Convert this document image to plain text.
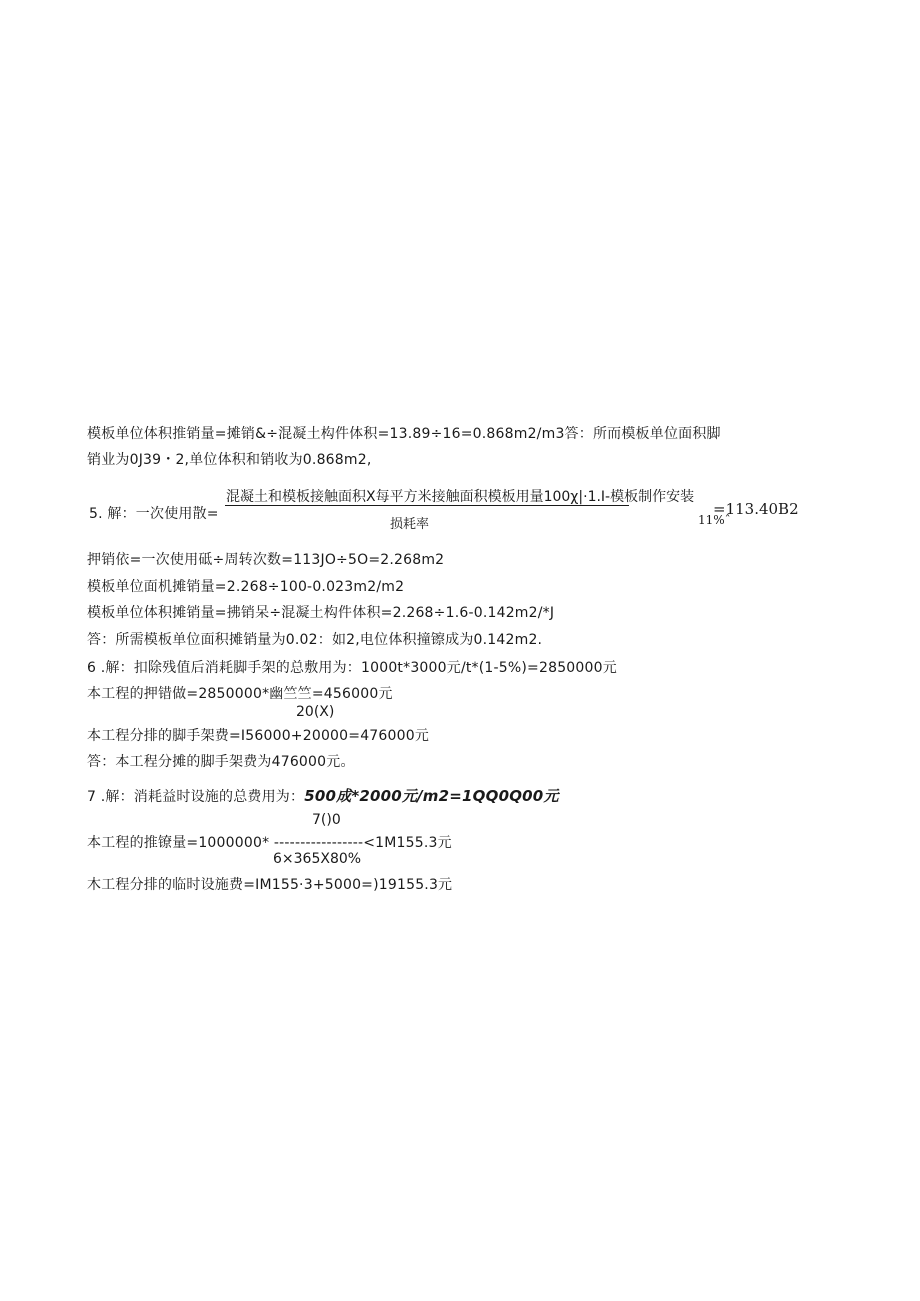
模板单位体积推销量=摊销&÷混凝土构件体积=13.89÷16=0.868m2/m3答：所而模板单位面积脚
销业为0J39・2,单位体积和销收为0.868m2,
5. 解：一次使用散=
混凝土和模板接触面积X每平方米接触面积模板用量100χ|·1.I-模板制作安装
损耗率	11%ˆ
=113.40B2
押销依=一次使用砥÷周转次数=113JO÷5O=2.268m2
模板单位面机摊销量=2.268÷100-0.023m2/m2
模板单位体积摊销量=拂销呆÷混凝土构件体积=2.268÷1.6-0.142m2/*J
答：所需模板单位面积摊销量为0.02：如2,电位体积撞镲成为0.142m2.
6 .解：扣除残值后消耗脚手架的总敷用为：1000t*3000元/t*(1-5%)=2850000元
本工程的押错做=2850000*幽竺竺=456000元
20(X)
本工程分排的脚手架费=I56000+20000=476000元
答：本工程分摊的脚手架费为476000元。
7 .解：消耗益时设施的总费用为：500成*2000元/m2=1QQ0Q00元
7()0
本工程的推镣量=1000000* -----------------<1M155.3元
6×365X80%
木工程分排的临时设施费=IM155·3+5000=)19155.3元
